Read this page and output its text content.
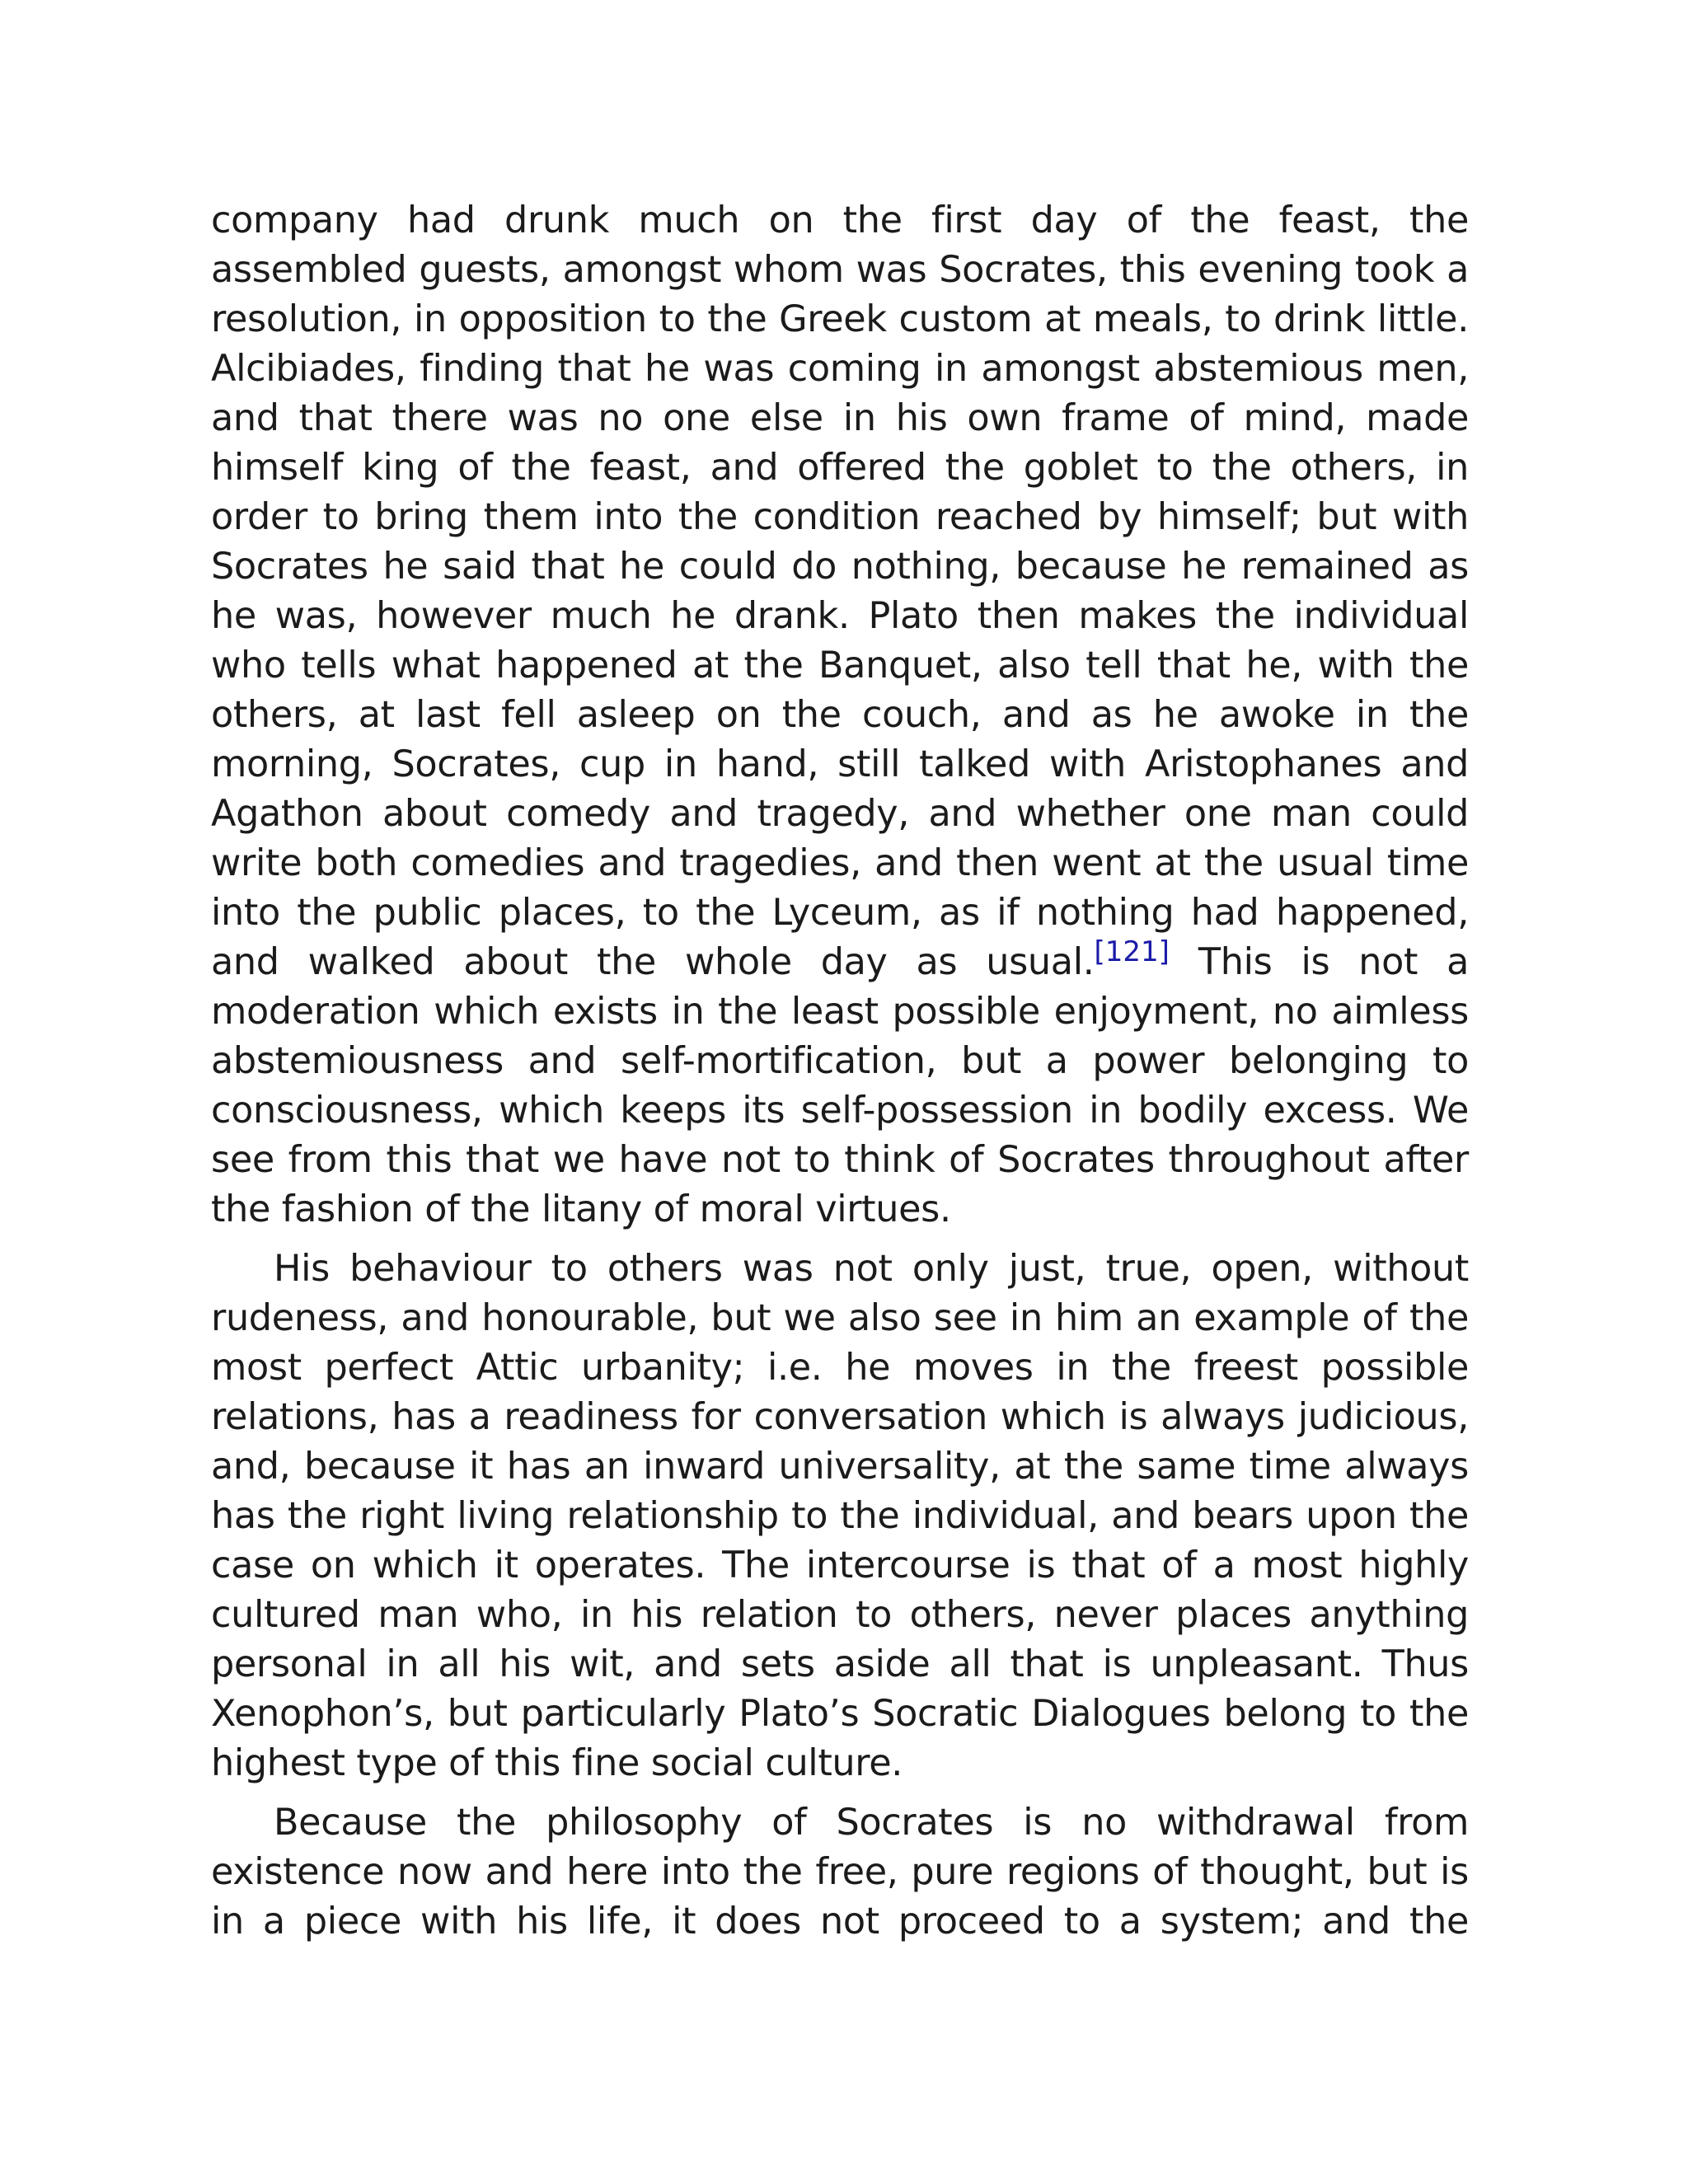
company had drunk much on the first day of the feast, the assembled guests, amongst whom was Socrates, this evening took a resolution, in opposition to the Greek custom at meals, to drink little. Alcibiades, finding that he was coming in amongst abstemious men, and that there was no one else in his own frame of mind, made himself king of the feast, and offered the goblet to the others, in order to bring them into the condition reached by himself; but with Socrates he said that he could do nothing, because he remained as he was, however much he drank. Plato then makes the individual who tells what happened at the Banquet, also tell that he, with the others, at last fell asleep on the couch, and as he awoke in the morning, Socrates, cup in hand, still talked with Aristophanes and Agathon about comedy and tragedy, and whether one man could write both comedies and tragedies, and then went at the usual time into the public places, to the Lyceum, as if nothing had happened, and walked about the whole day as usual.[121] This is not a moderation which exists in the least possible enjoyment, no aimless abstemiousness and self-mortification, but a power belonging to consciousness, which keeps its self-possession in bodily excess. We see from this that we have not to think of Socrates throughout after the fashion of the litany of moral virtues.

His behaviour to others was not only just, true, open, without rudeness, and honourable, but we also see in him an example of the most perfect Attic urbanity; i.e. he moves in the freest possible relations, has a readiness for conversation which is always judicious, and, because it has an inward universality, at the same time always has the right living relationship to the individual, and bears upon the case on which it operates. The intercourse is that of a most highly cultured man who, in his relation to others, never places anything personal in all his wit, and sets aside all that is unpleasant. Thus Xenophon’s, but particularly Plato’s Socratic Dialogues belong to the highest type of this fine social culture.

Because the philosophy of Socrates is no withdrawal from existence now and here into the free, pure regions of thought, but is in a piece with his life, it does not proceed to a system; and the
